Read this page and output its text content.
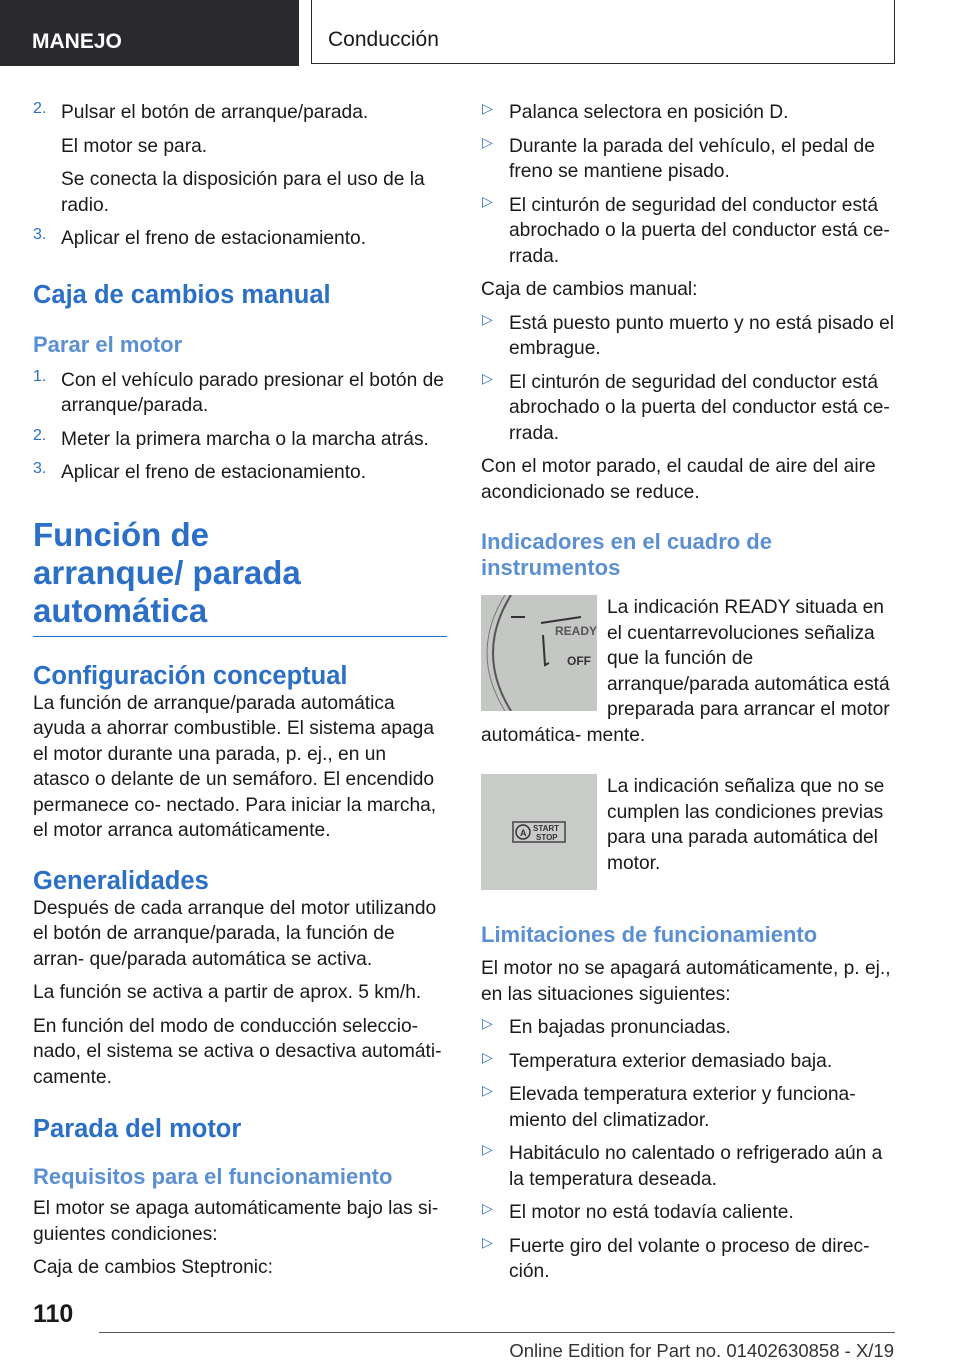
MANEJO	Conducción
2. Pulsar el botón de arranque/parada.

El motor se para.

Se conecta la disposición para el uso de la radio.

3. Aplicar el freno de estacionamiento.

Caja de cambios manual
Parar el motor
1. Con el vehículo parado presionar el botón de arranque/parada.

2. Meter la primera marcha o la marcha atrás.

3. Aplicar el freno de estacionamiento.

Función de arranque/ parada automática
Configuración conceptual

La función de arranque/parada automática ayuda a ahorrar combustible. El sistema apaga el motor durante una parada, p. ej., en un atasco o delante de un semáforo. El encendido permanece co- nectado. Para iniciar la marcha, el motor arranca automáticamente.

Generalidades

Después de cada arranque del motor utilizando el botón de arranque/parada, la función de arran- que/parada automática se activa.

La función se activa a partir de aprox. 5 km/h.

En función del modo de conducción seleccio- nado, el sistema se activa o desactiva automáti- camente.

Parada del motor
Requisitos para el funcionamiento

El motor se apaga automáticamente bajo las si- guientes condiciones:

Caja de cambios Steptronic:

▷ Palanca selectora en posición D.

▷ Durante la parada del vehículo, el pedal de freno se mantiene pisado.

▷ El cinturón de seguridad del conductor está abrochado o la puerta del conductor está ce- rrada.

Caja de cambios manual:

▷ Está puesto punto muerto y no está pisado el embrague.

▷ El cinturón de seguridad del conductor está abrochado o la puerta del conductor está ce- rrada.

Con el motor parado, el caudal de aire del aire acondicionado se reduce.

Indicadores en el cuadro de instrumentos
READY
OFF

La indicación READY situada en el cuentarrevoluciones señaliza que la función de arranque/parada automática está preparada para arrancar el motor automática- mente.

A START
STOP

La indicación señaliza que no se cumplen las condiciones previas para una parada automática del motor.

Limitaciones de funcionamiento

El motor no se apagará automáticamente, p. ej., en las situaciones siguientes:

▷ En bajadas pronunciadas.

▷ Temperatura exterior demasiado baja.

▷ Elevada temperatura exterior y funciona- miento del climatizador.

▷ Habitáculo no calentado o refrigerado aún a la temperatura deseada.

▷ El motor no está todavía caliente.

▷ Fuerte giro del volante o proceso de direc- ción.

110
Online Edition for Part no. 01402630858 - X/19
